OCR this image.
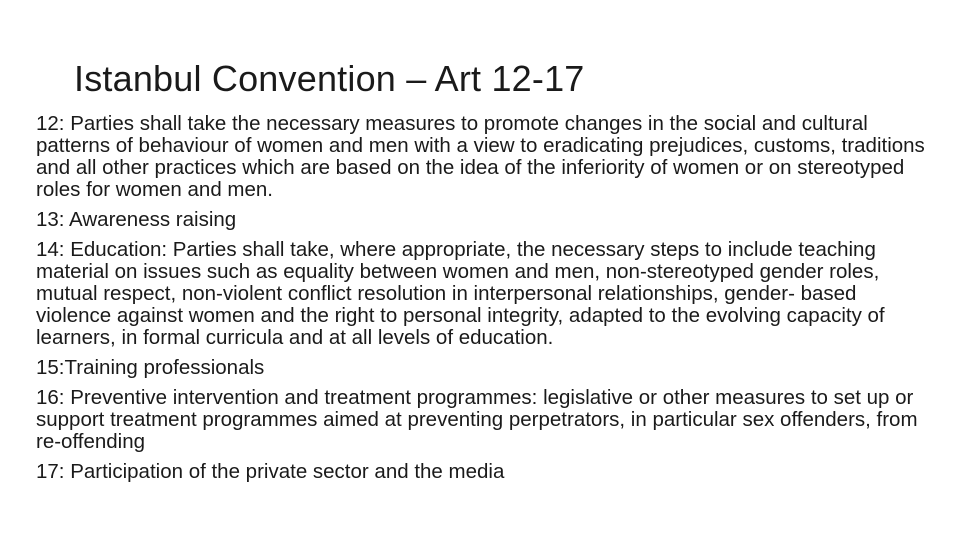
Istanbul Convention – Art 12-17

12: Parties shall take the necessary measures to promote changes in the social and cultural patterns of behaviour of women and men with a view to eradicating prejudices, customs, traditions and all other practices which are based on the idea of the inferiority of women or on stereotyped roles for women and men.

13: Awareness raising

14: Education: Parties shall take, where appropriate, the necessary steps to include teaching material on issues such as equality between women and men, non-stereotyped gender roles, mutual respect, non-violent conflict resolution in interpersonal relationships, gender- based violence against women and the right to personal integrity, adapted to the evolving capacity of learners, in formal curricula and at all levels of education.

15:Training professionals

16: Preventive intervention and treatment programmes: legislative or other measures to set up or support treatment programmes aimed at preventing perpetrators, in particular sex offenders, from re-offending

17: Participation of the private sector and the media
